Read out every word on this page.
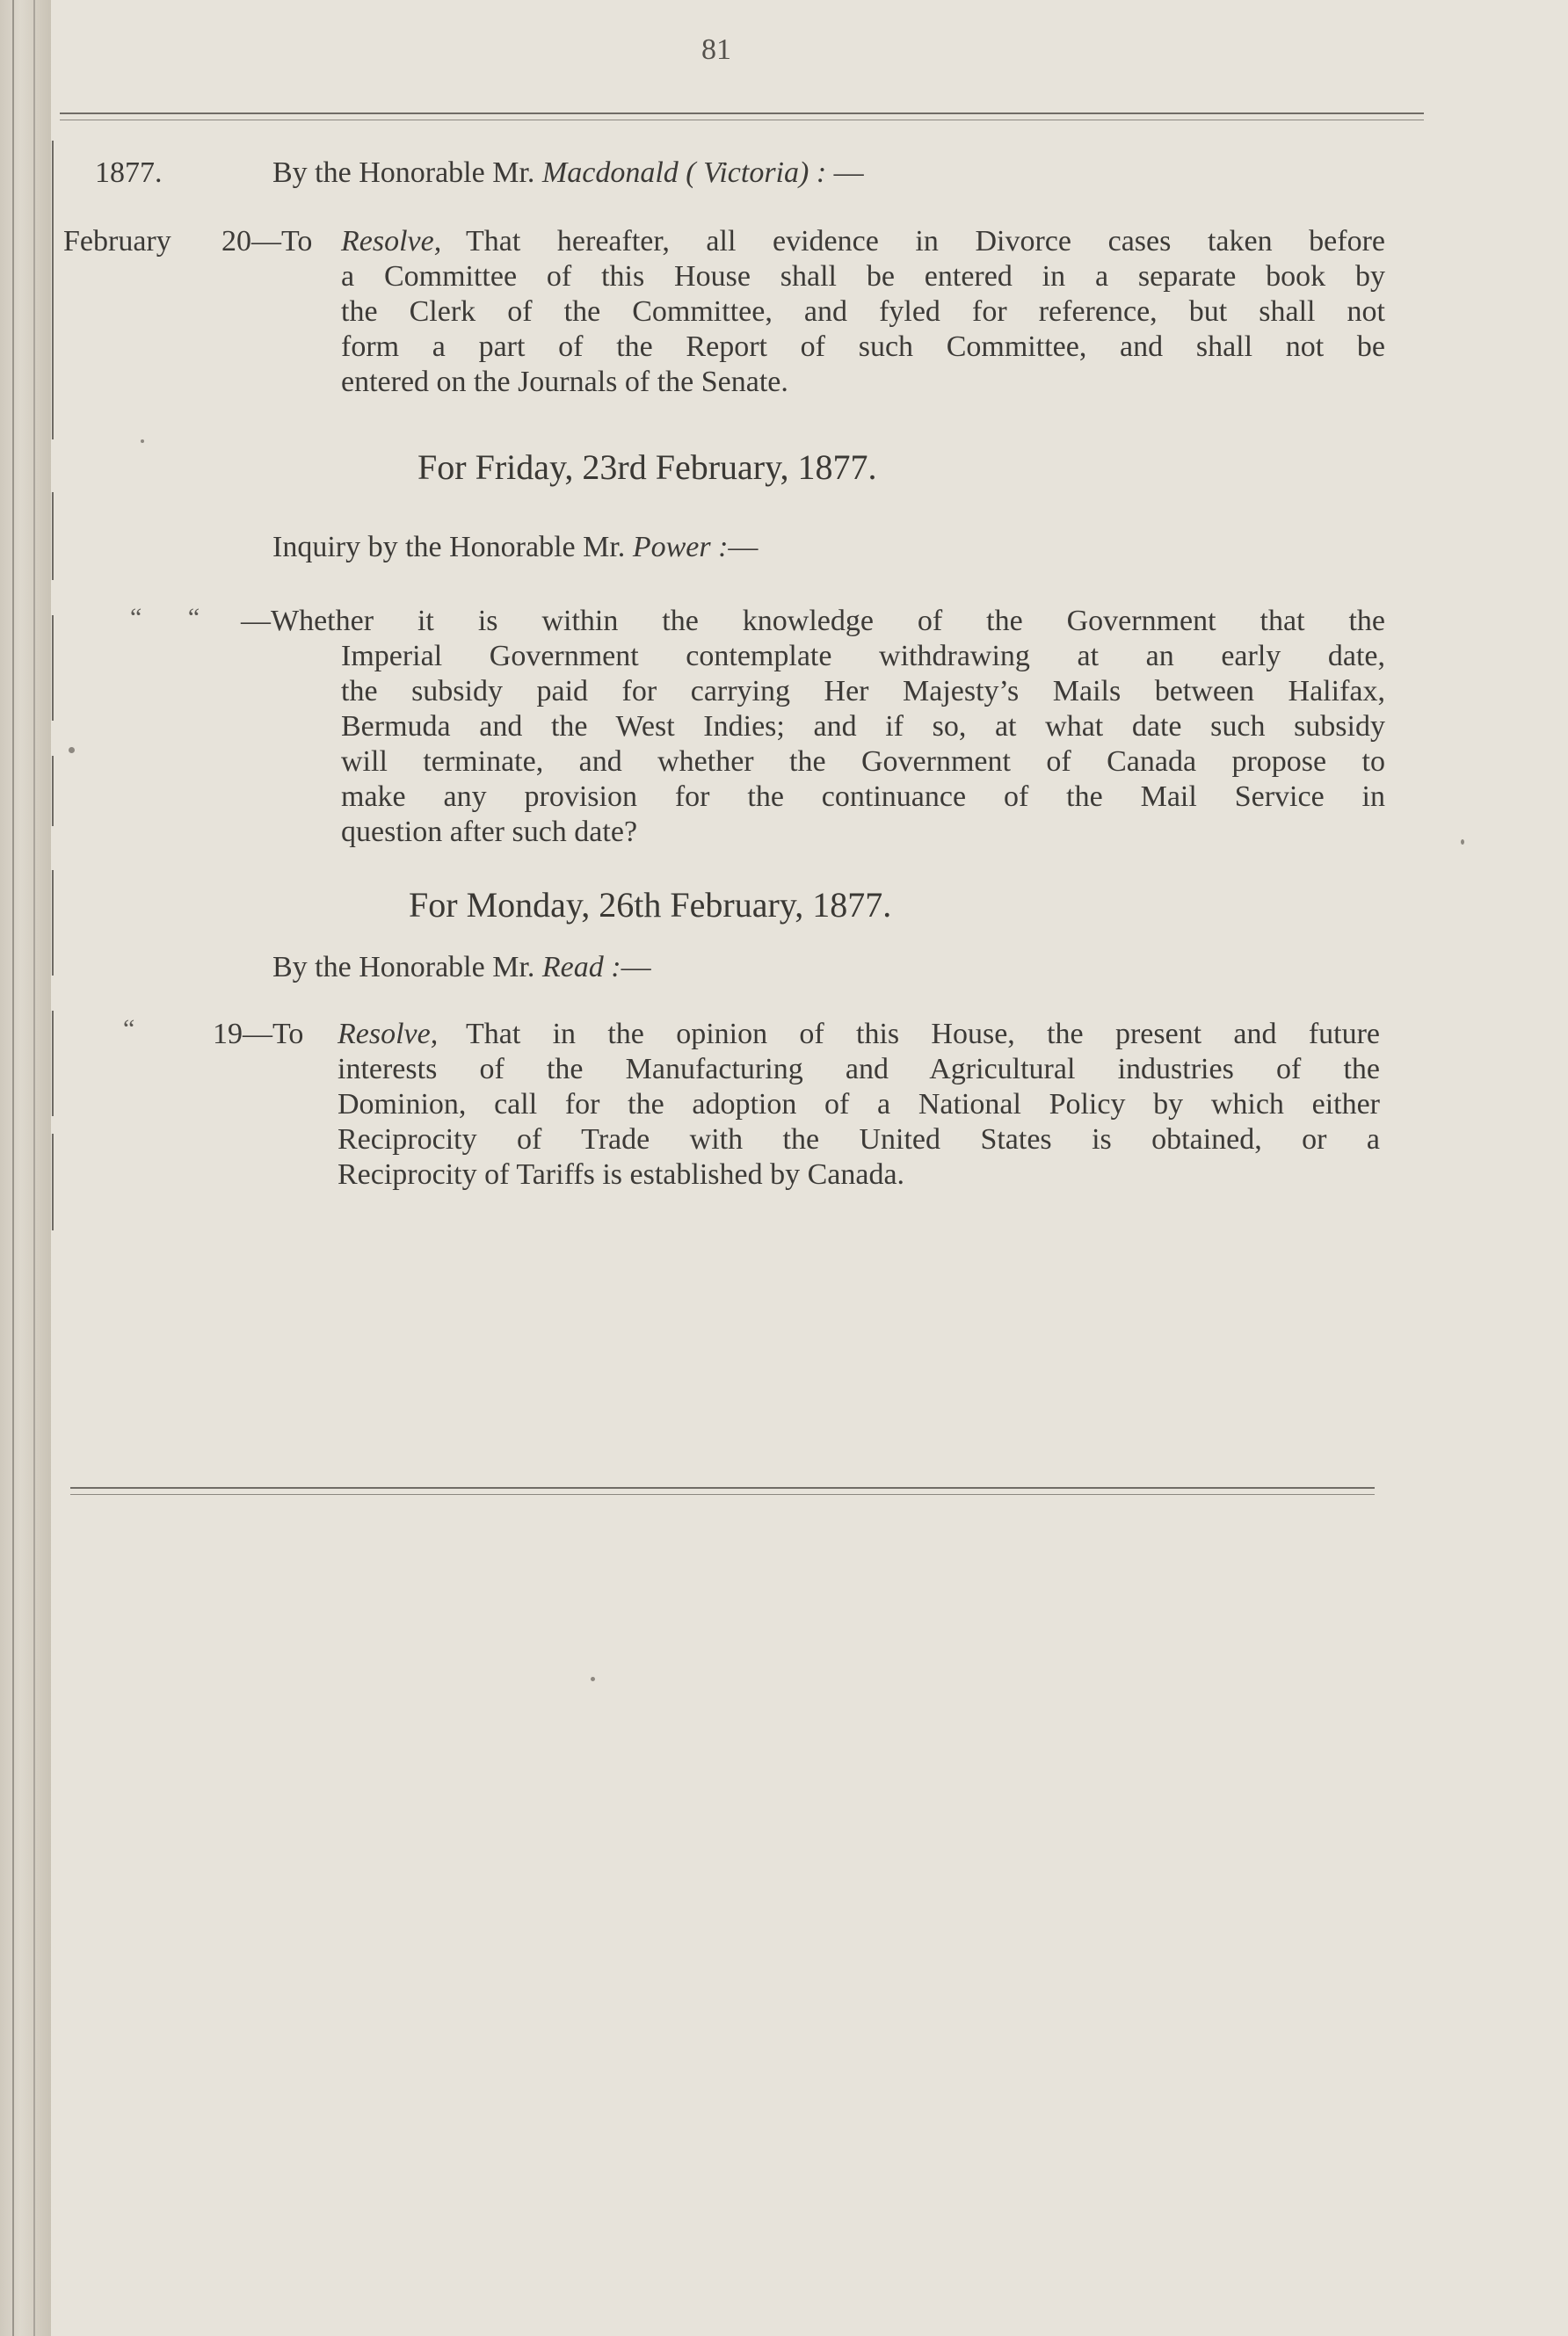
81
1877.	By the Honorable Mr. Macdonald ( Victoria) : —
February 20—To Resolve, That hereafter, all evidence in Divorce cases taken before
a Committee of this House shall be entered in a separate book by
the Clerk of the Committee, and fyled for reference, but shall not
form a part of the Report of such Committee, and shall not be
entered on the Journals of the Senate.
For Friday, 23rd February, 1877.
Inquiry by the Honorable Mr. Power :—
“       “ —Whether it is within the knowledge of the Government that the
Imperial Government contemplate withdrawing at an early date,
the subsidy paid for carrying Her Majesty’s Mails between Halifax,
Bermuda and the West Indies; and if so, at what date such subsidy
will terminate, and whether the Government of Canada propose to
make any provision for the continuance of the Mail Service in
question after such date?
For Monday, 26th February, 1877.
By the Honorable Mr. Read :—
“	19—To Resolve, That in the opinion of this House, the present and future
interests of the Manufacturing and Agricultural industries of the
Dominion, call for the adoption of a National Policy by which either
Reciprocity of Trade with the United States is obtained, or a
Reciprocity of Tariffs is established by Canada.
